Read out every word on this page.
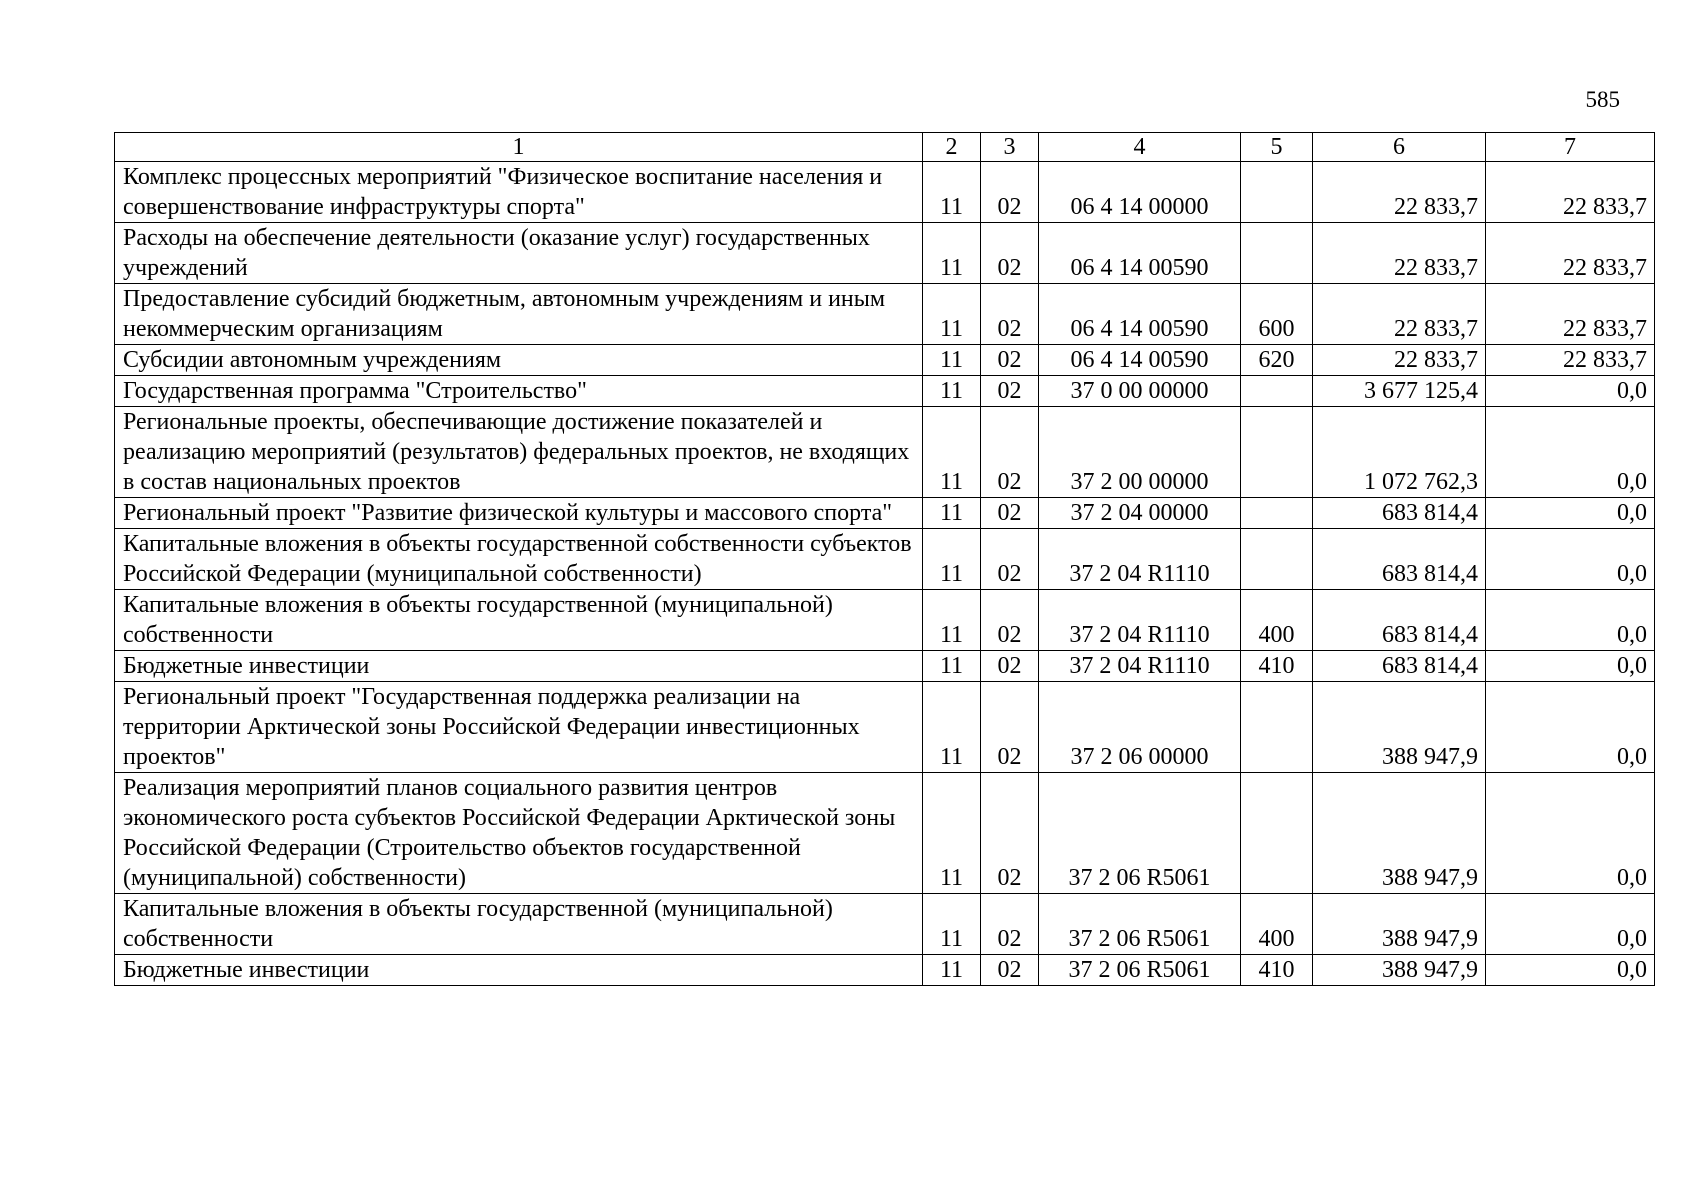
585
1	2	3	4	5	6	7
Комплекс процессных мероприятий "Физическое воспитание населения и совершенствование инфраструктуры спорта"	11	02	06 4 14 00000		22 833,7	22 833,7
Расходы на обеспечение деятельности (оказание услуг) государственных учреждений	11	02	06 4 14 00590		22 833,7	22 833,7
Предоставление субсидий бюджетным, автономным учреждениям и иным некоммерческим организациям	11	02	06 4 14 00590	600	22 833,7	22 833,7
Субсидии автономным учреждениям	11	02	06 4 14 00590	620	22 833,7	22 833,7
Государственная программа "Строительство"	11	02	37 0 00 00000		3 677 125,4	0,0
Региональные проекты, обеспечивающие достижение показателей и реализацию мероприятий (результатов) федеральных проектов, не входящих в состав национальных проектов	11	02	37 2 00 00000		1 072 762,3	0,0
Региональный проект "Развитие физической культуры и массового спорта"	11	02	37 2 04 00000		683 814,4	0,0
Капитальные вложения в объекты государственной собственности субъектов Российской Федерации (муниципальной собственности)	11	02	37 2 04 R1110		683 814,4	0,0
Капитальные вложения в объекты государственной (муниципальной) собственности	11	02	37 2 04 R1110	400	683 814,4	0,0
Бюджетные инвестиции	11	02	37 2 04 R1110	410	683 814,4	0,0
Региональный проект "Государственная поддержка реализации на территории Арктической зоны Российской Федерации инвестиционных проектов"	11	02	37 2 06 00000		388 947,9	0,0
Реализация мероприятий планов социального развития центров экономического роста субъектов Российской Федерации Арктической зоны Российской Федерации (Строительство объектов государственной (муниципальной) собственности)	11	02	37 2 06 R5061		388 947,9	0,0
Капитальные вложения в объекты государственной (муниципальной) собственности	11	02	37 2 06 R5061	400	388 947,9	0,0
Бюджетные инвестиции	11	02	37 2 06 R5061	410	388 947,9	0,0
